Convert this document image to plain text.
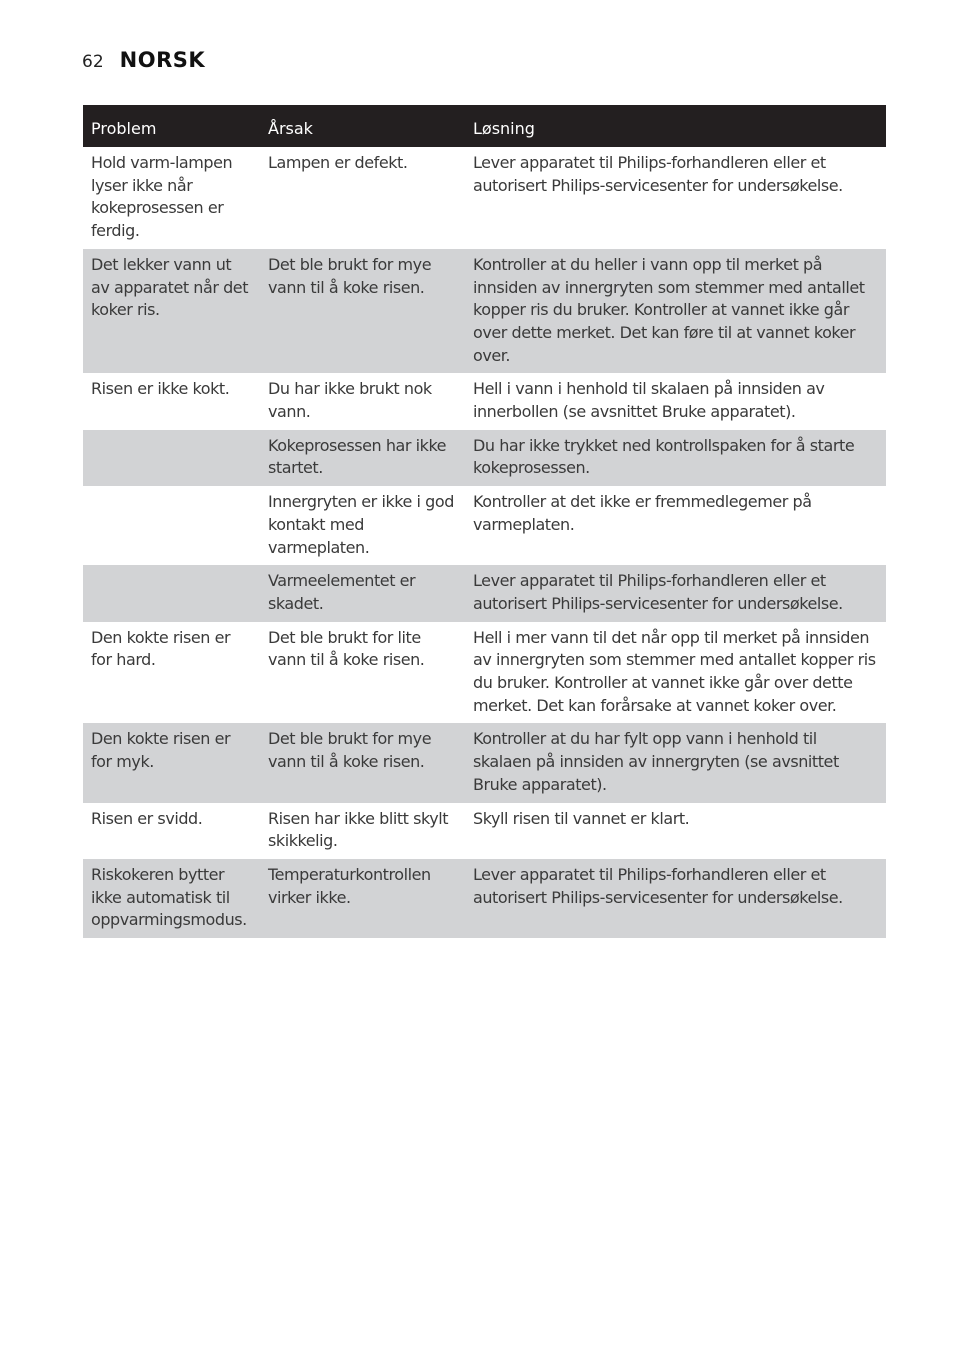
62 NORSK
Problem	Årsak	Løsning
Hold varm-lampen lyser ikke når kokeprosessen er ferdig.	Lampen er defekt.	Lever apparatet til Philips-forhandleren eller et autorisert Philips-servicesenter for undersøkelse.
Det lekker vann ut av apparatet når det koker ris.	Det ble brukt for mye vann til å koke risen.	Kontroller at du heller i vann opp til merket på innsiden av innergryten som stemmer med antallet kopper ris du bruker. Kontroller at vannet ikke går over dette merket. Det kan føre til at vannet koker over.
Risen er ikke kokt.	Du har ikke brukt nok vann.	Hell i vann i henhold til skalaen på innsiden av innerbollen (se avsnittet Bruke apparatet).
	Kokeprosessen har ikke startet.	Du har ikke trykket ned kontrollspaken for å starte kokeprosessen.
	Innergryten er ikke i god kontakt med varmeplaten.	Kontroller at det ikke er fremmedlegemer på varmeplaten.
	Varmeelementet er skadet.	Lever apparatet til Philips-forhandleren eller et autorisert Philips-servicesenter for undersøkelse.
Den kokte risen er for hard.	Det ble brukt for lite vann til å koke risen.	Hell i mer vann til det når opp til merket på innsiden av innergryten som stemmer med antallet kopper ris du bruker. Kontroller at vannet ikke går over dette merket. Det kan forårsake at vannet koker over.
Den kokte risen er for myk.	Det ble brukt for mye vann til å koke risen.	Kontroller at du har fylt opp vann i henhold til skalaen på innsiden av innergryten (se avsnittet Bruke apparatet).
Risen er svidd.	Risen har ikke blitt skylt skikkelig.	Skyll risen til vannet er klart.
Riskokeren bytter ikke automatisk til oppvarmingsmodus.	Temperaturkontrollen virker ikke.	Lever apparatet til Philips-forhandleren eller et autorisert Philips-servicesenter for undersøkelse.
